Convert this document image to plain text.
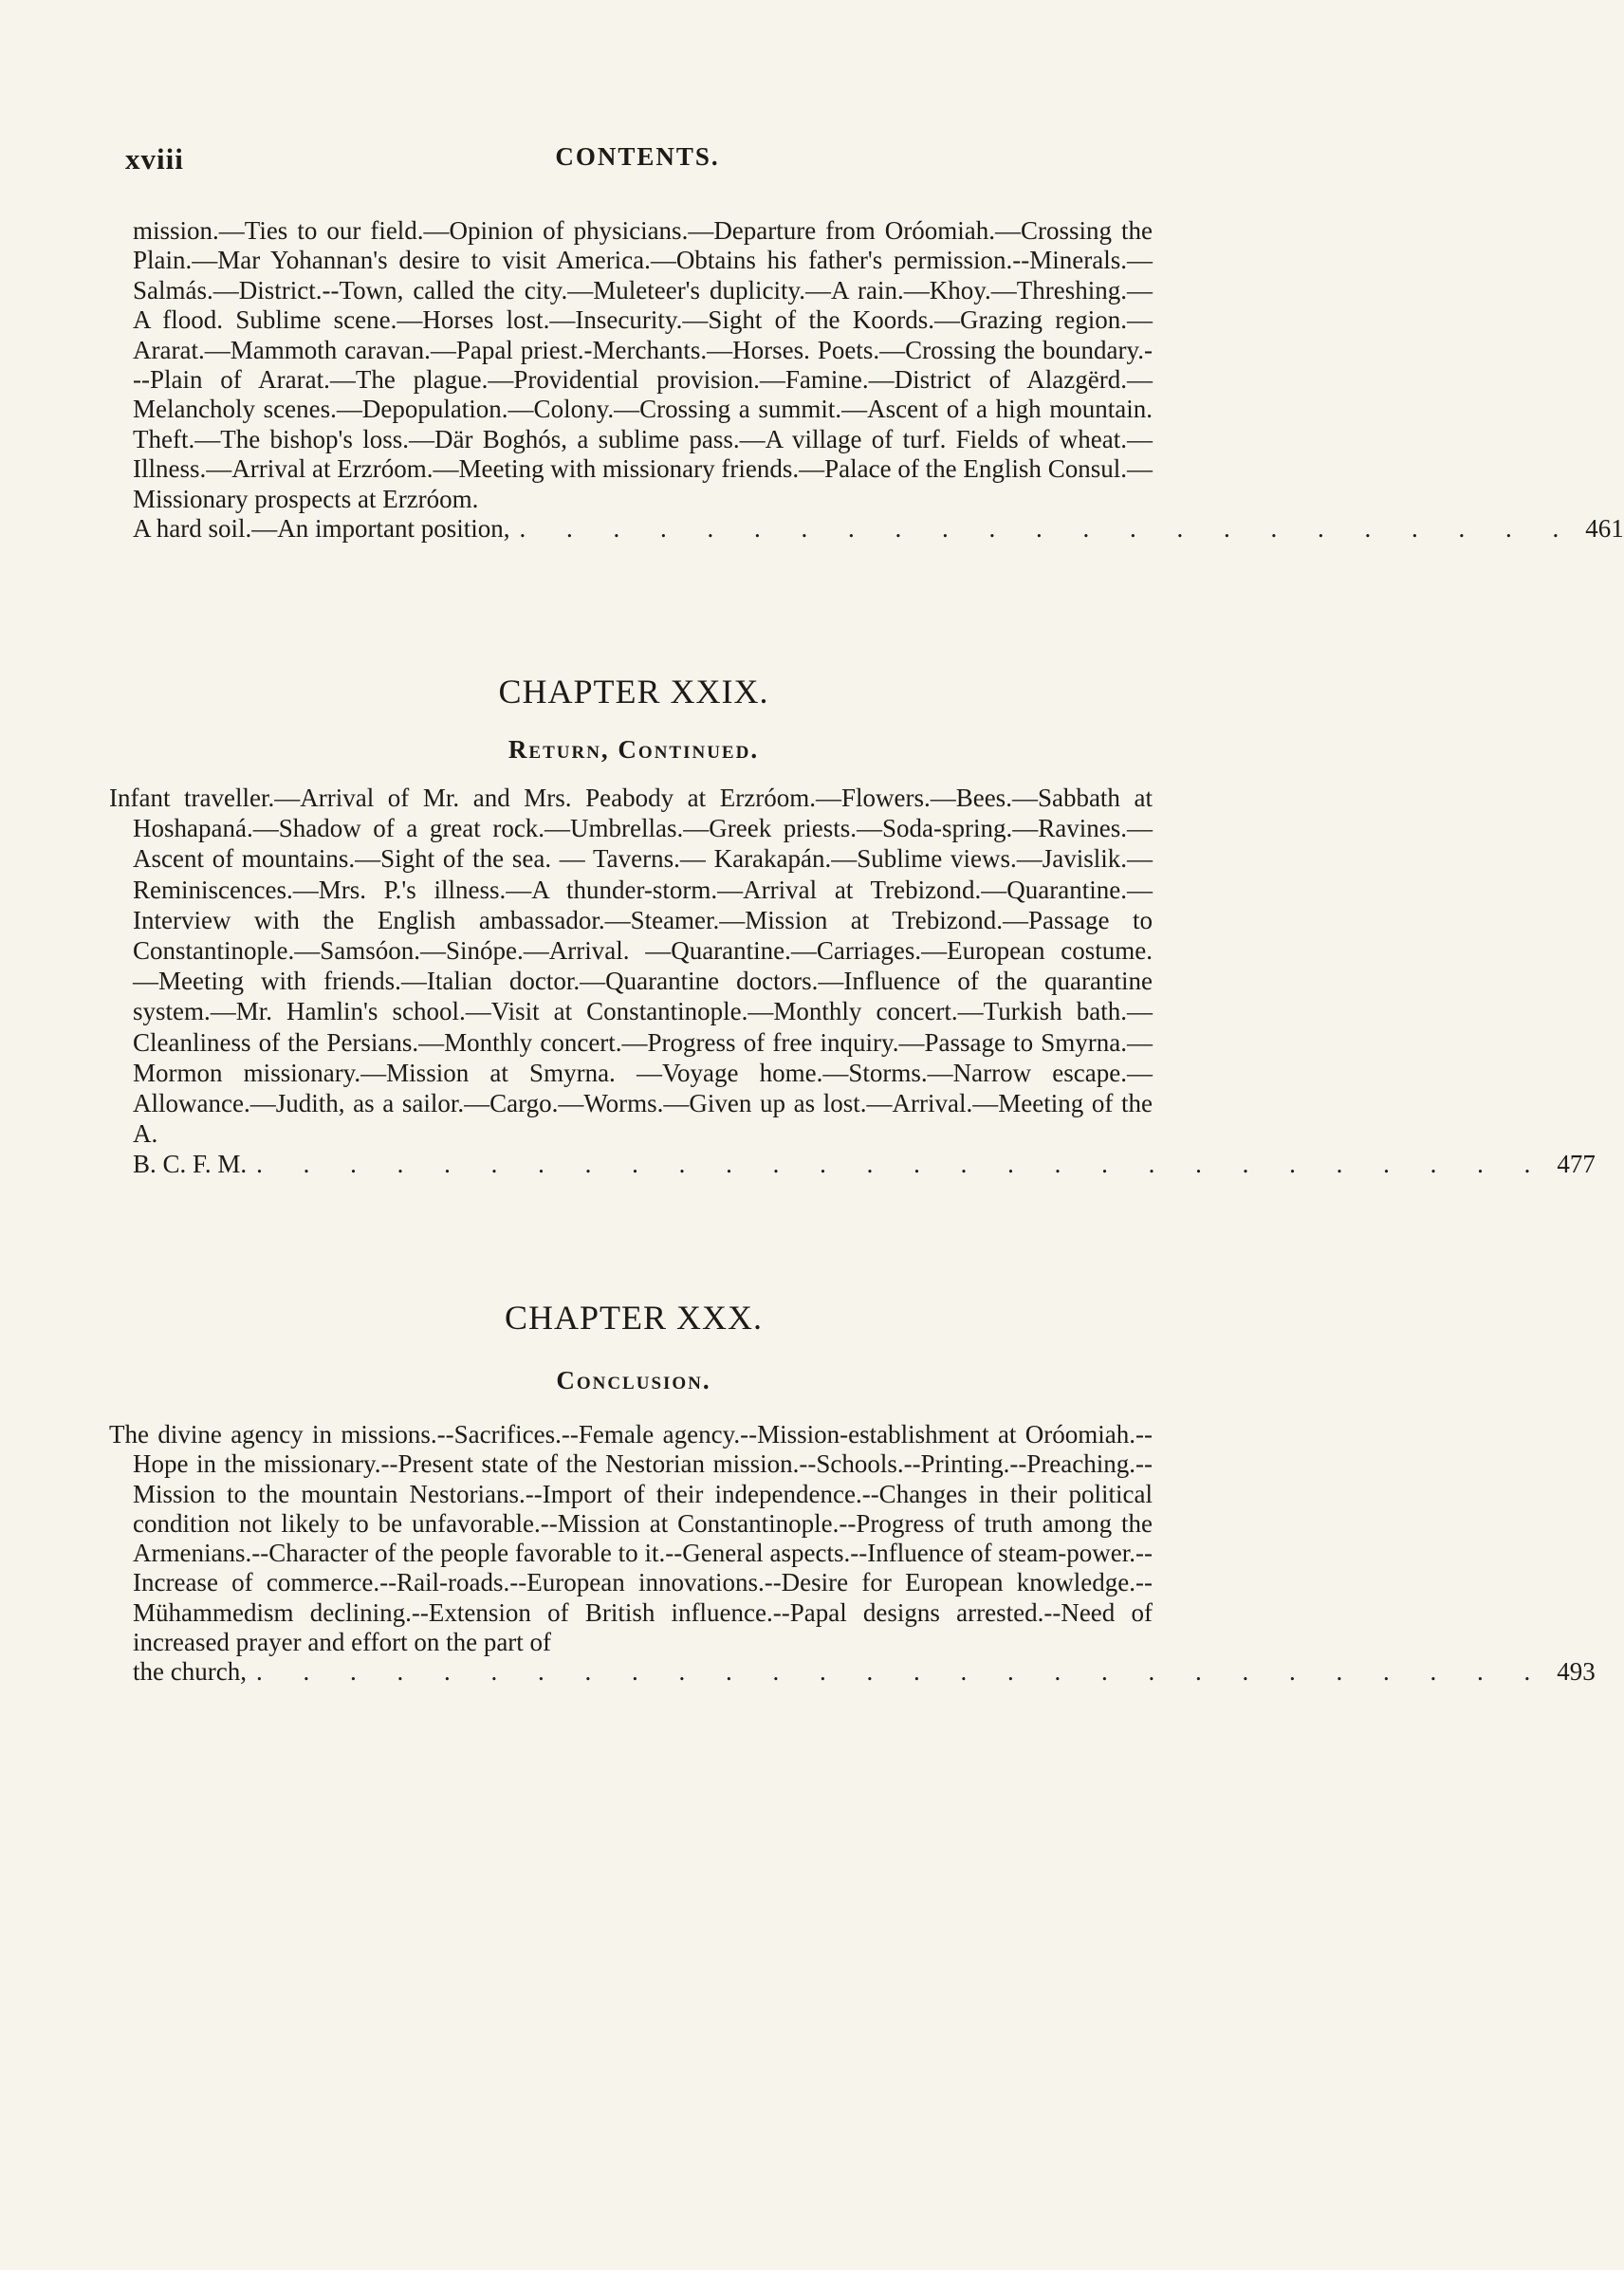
xviii	CONTENTS.
mission.—Ties to our field.—Opinion of physicians.—Departure from Oróomiah.—Crossing the Plain.—Mar Yohannan's desire to visit America.—Obtains his father's permission.--Minerals.—Salmás.—District.--Town, called the city.—Muleteer's duplicity.—A rain.—Khoy.—Threshing.—A flood. Sublime scene.—Horses lost.—Insecurity.—Sight of the Koords.—Grazing region.—Ararat.—Mammoth caravan.—Papal priest.-Merchants.—Horses. Poets.—Crossing the boundary.---Plain of Ararat.—The plague.—Providential provision.—Famine.—District of Alazgërd.—Melancholy scenes.—Depopulation.—Colony.—Crossing a summit.—Ascent of a high mountain. Theft.—The bishop's loss.—Där Boghós, a sublime pass.—A village of turf. Fields of wheat.—Illness.—Arrival at Erzróom.—Meeting with missionary friends.—Palace of the English Consul.—Missionary prospects at Erzróom.
A hard soil.—An important position, . . . . . . . . . . . . . . . . . . . . . . . 461
CHAPTER XXIX.
Return, Continued.
Infant traveller.—Arrival of Mr. and Mrs. Peabody at Erzróom.—Flowers.—Bees.—Sabbath at Hoshapaná.—Shadow of a great rock.—Umbrellas.—Greek priests.—Soda-spring.—Ravines.—Ascent of mountains.—Sight of the sea. — Taverns.— Karakapán.—Sublime views.—Javislik.—Reminiscences.—Mrs. P.'s illness.—A thunder-storm.—Arrival at Trebizond.—Quarantine.—Interview with the English ambassador.—Steamer.—Mission at Trebizond.—Passage to Constantinople.—Samsóon.—Sinópe.—Arrival. —Quarantine.—Carriages.—European costume.—Meeting with friends.—Italian doctor.—Quarantine doctors.—Influence of the quarantine system.—Mr. Hamlin's school.—Visit at Constantinople.—Monthly concert.—Turkish bath.—Cleanliness of the Persians.—Monthly concert.—Progress of free inquiry.—Passage to Smyrna.—Mormon missionary.—Mission at Smyrna. —Voyage home.—Storms.—Narrow escape.—Allowance.—Judith, as a sailor.—Cargo.—Worms.—Given up as lost.—Arrival.—Meeting of the A.
B. C. F. M. . . . . . . . . . . . . . . . . . . . . . . . . . . . . 477
CHAPTER XXX.
Conclusion.
The divine agency in missions.--Sacrifices.--Female agency.--Mission-establishment at Oróomiah.--Hope in the missionary.--Present state of the Nestorian mission.--Schools.--Printing.--Preaching.--Mission to the mountain Nestorians.--Import of their independence.--Changes in their political condition not likely to be unfavorable.--Mission at Constantinople.--Progress of truth among the Armenians.--Character of the people favorable to it.--General aspects.--Influence of steam-power.--Increase of commerce.--Rail-roads.--European innovations.--Desire for European knowledge.--Mühammedism declining.--Extension of British influence.--Papal designs arrested.--Need of increased prayer and effort on the part of
the church, . . . . . . . . . . . . . . . . . . . . . . . . . . . . 493
